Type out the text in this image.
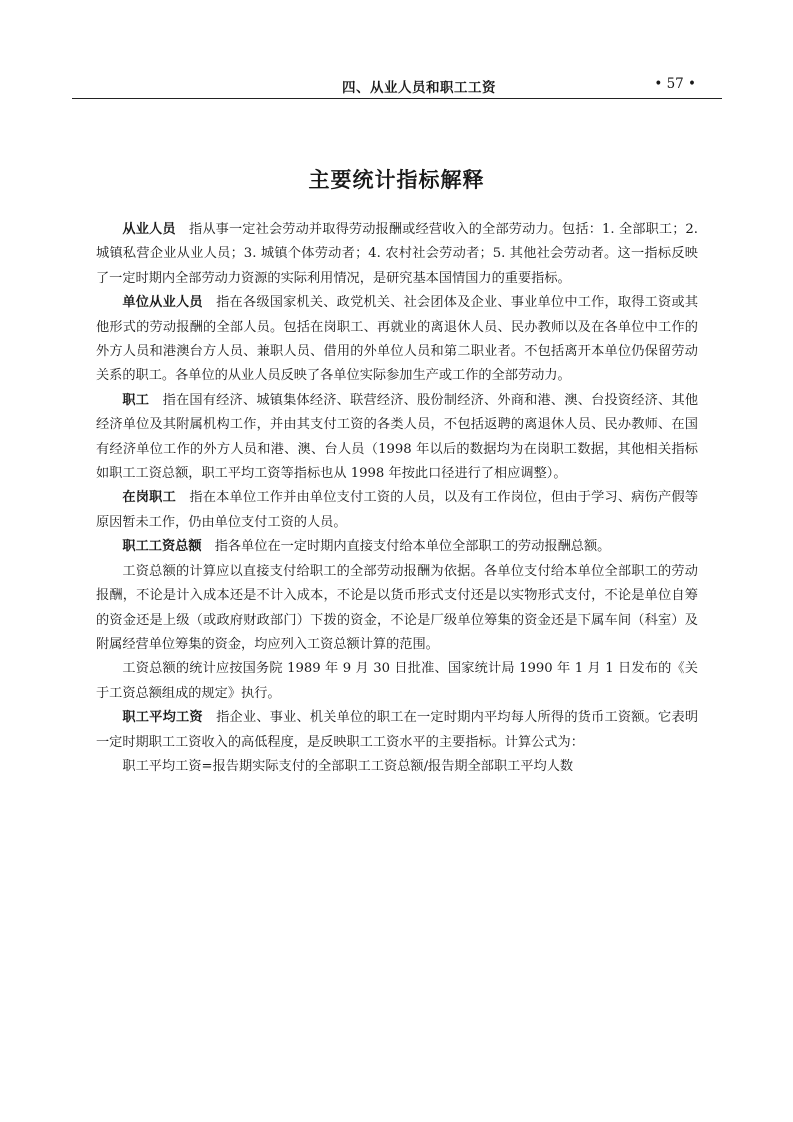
四、从业人员和职工工资	• 57 •
主要统计指标解释

从业人员　 指从事一定社会劳动并取得劳动报酬或经营收入的全部劳动力。包括：1. 全部职工；2. 城镇私营企业从业人员；3. 城镇个体劳动者；4. 农村社会劳动者；5. 其他社会劳动者。这一指标反映了一定时期内全部劳动力资源的实际利用情况，是研究基本国情国力的重要指标。

单位从业人员　 指在各级国家机关、政党机关、社会团体及企业、事业单位中工作，取得工资或其他形式的劳动报酬的全部人员。包括在岗职工、再就业的离退休人员、民办教师以及在各单位中工作的外方人员和港澳台方人员、兼职人员、借用的外单位人员和第二职业者。不包括离开本单位仍保留劳动关系的职工。各单位的从业人员反映了各单位实际参加生产或工作的全部劳动力。

职工　 指在国有经济、城镇集体经济、联营经济、股份制经济、外商和港、澳、台投资经济、其他经济单位及其附属机构工作，并由其支付工资的各类人员，不包括返聘的离退休人员、民办教师、在国有经济单位工作的外方人员和港、澳、台人员（1998 年以后的数据均为在岗职工数据，其他相关指标如职工工资总额，职工平均工资等指标也从 1998 年按此口径进行了相应调整）。

在岗职工　 指在本单位工作并由单位支付工资的人员，以及有工作岗位，但由于学习、病伤产假等原因暂未工作，仍由单位支付工资的人员。

职工工资总额　 指各单位在一定时期内直接支付给本单位全部职工的劳动报酬总额。

工资总额的计算应以直接支付给职工的全部劳动报酬为依据。各单位支付给本单位全部职工的劳动报酬，不论是计入成本还是不计入成本，不论是以货币形式支付还是以实物形式支付，不论是单位自筹的资金还是上级（或政府财政部门）下拨的资金，不论是厂级单位筹集的资金还是下属车间（科室）及附属经营单位筹集的资金，均应列入工资总额计算的范围。

工资总额的统计应按国务院 1989 年 9 月 30 日批准、国家统计局 1990 年 1 月 1 日发布的《关于工资总额组成的规定》执行。

职工平均工资　 指企业、事业、机关单位的职工在一定时期内平均每人所得的货币工资额。它表明一定时期职工工资收入的高低程度，是反映职工工资水平的主要指标。计算公式为：

职工平均工资=报告期实际支付的全部职工工资总额/报告期全部职工平均人数
